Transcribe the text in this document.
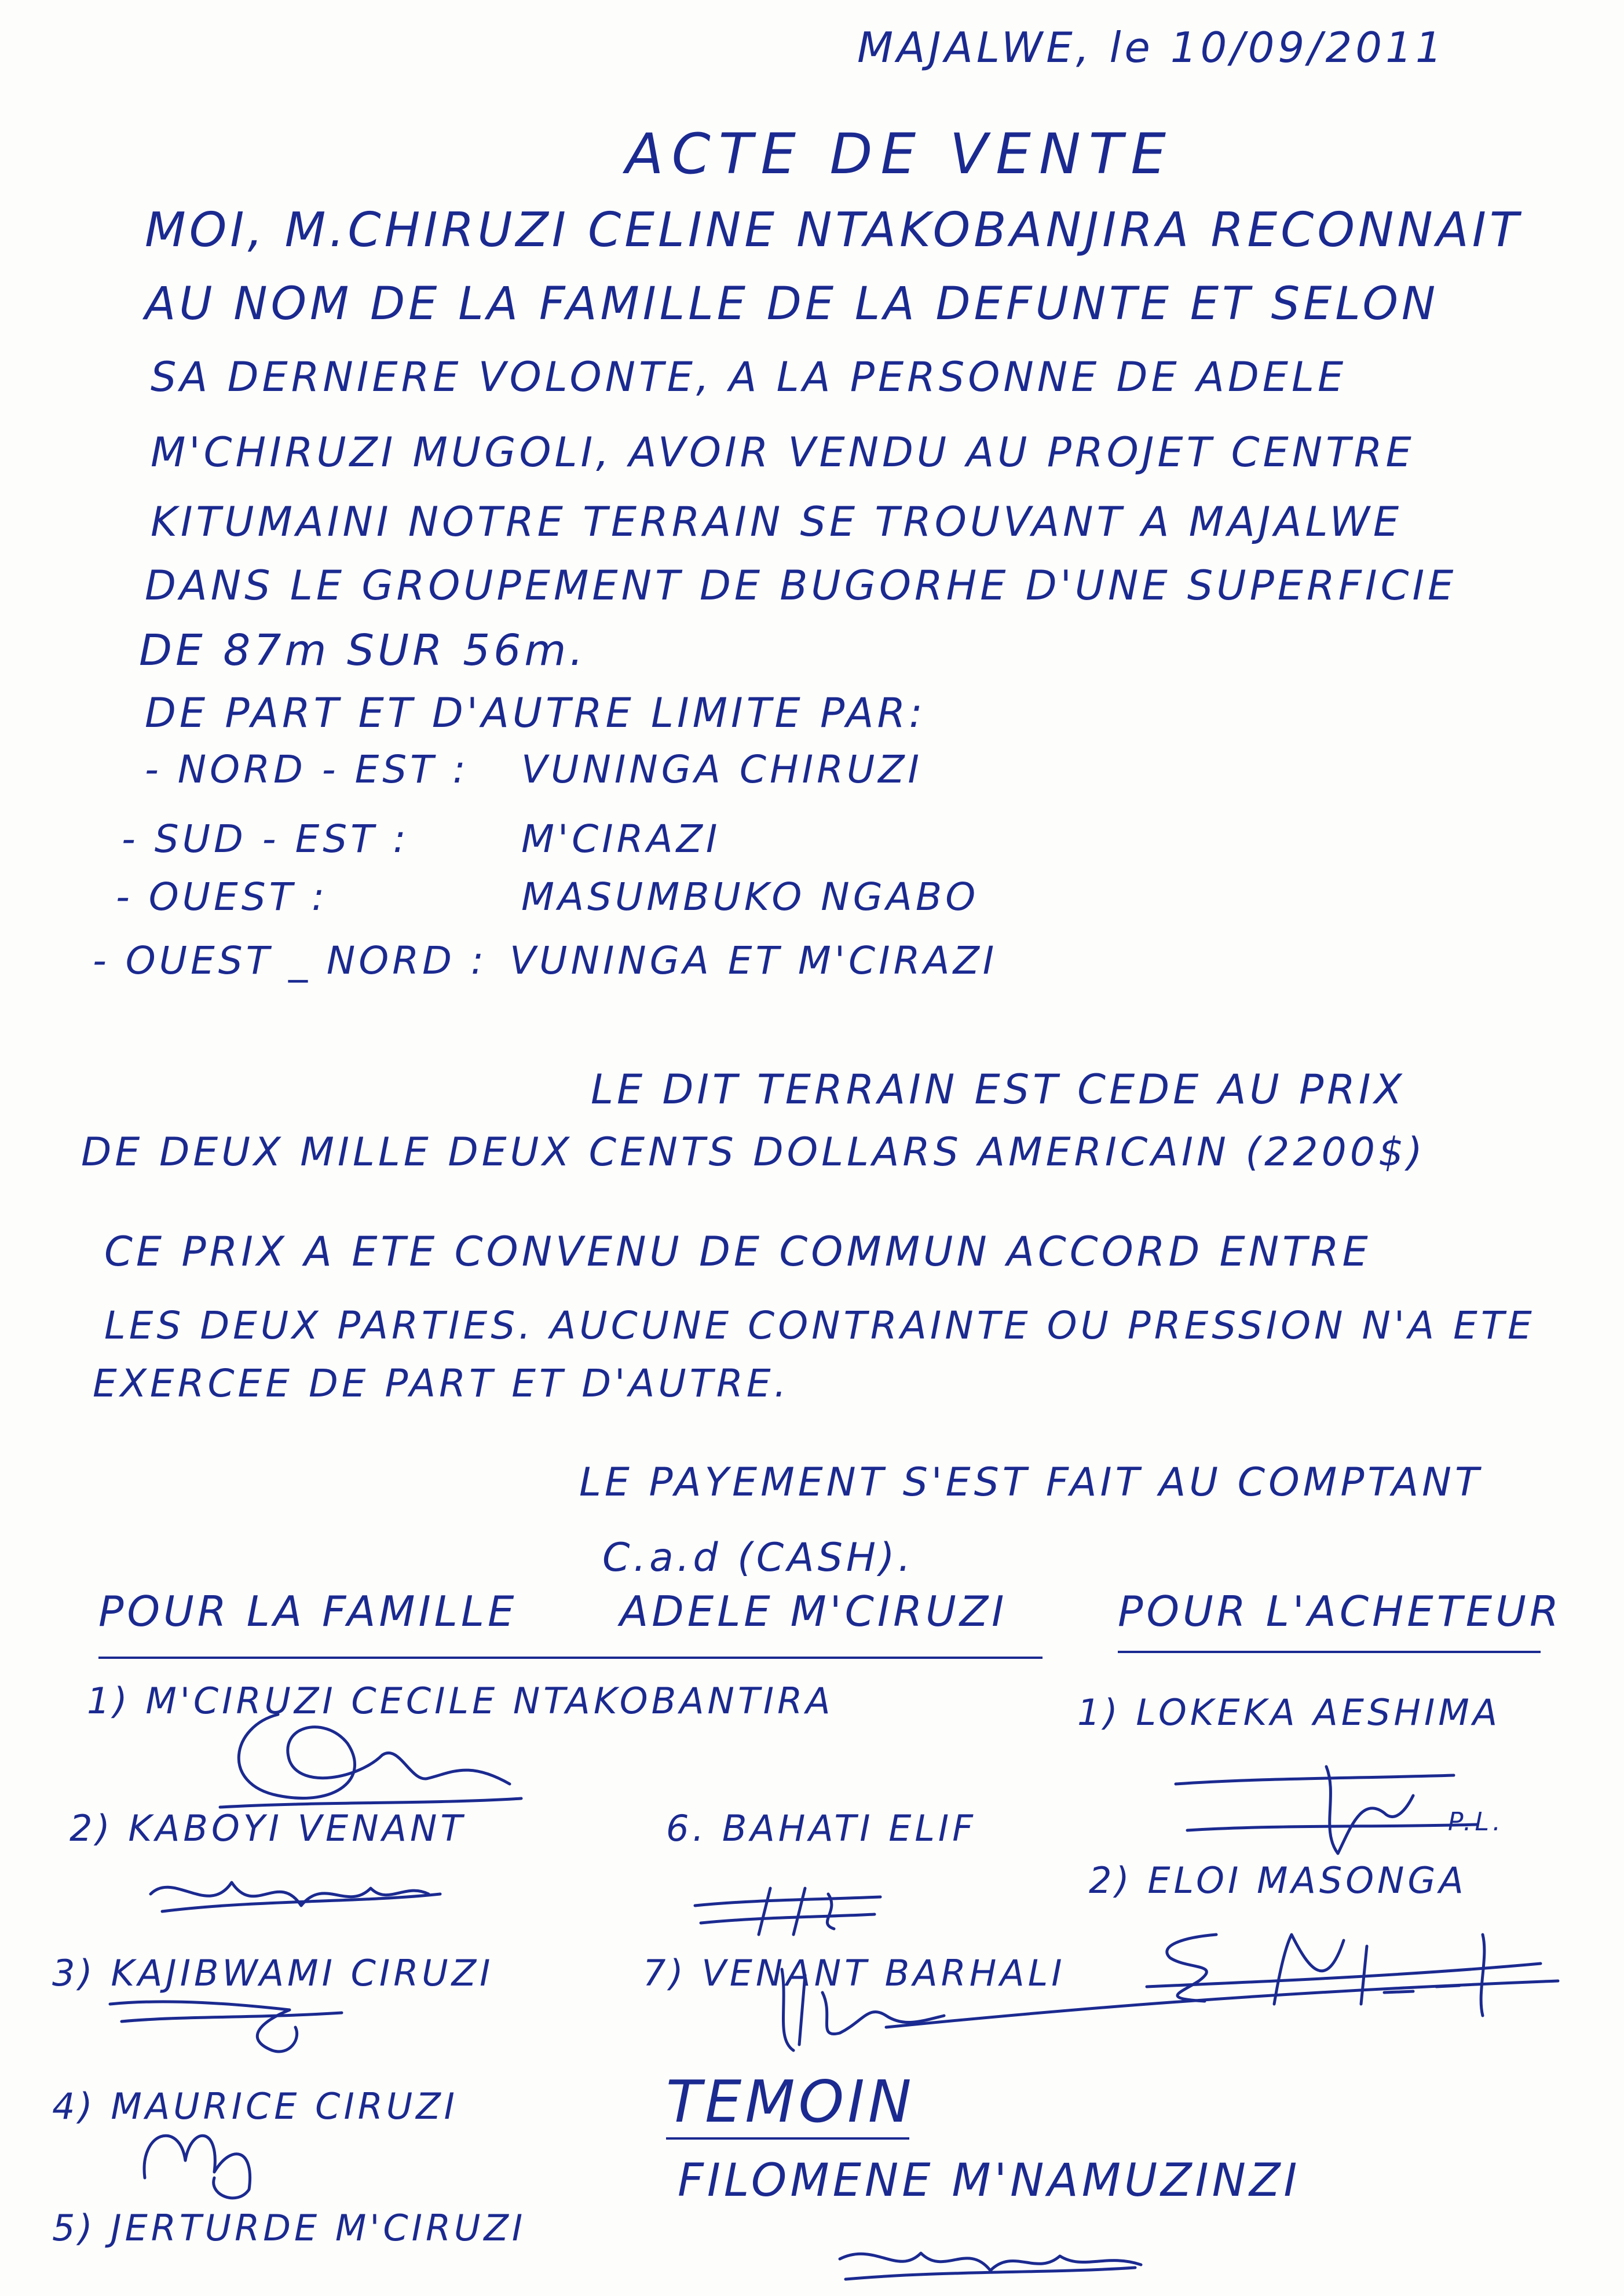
MAJALWE, le 10/09/2011
ACTE DE VENTE
MOI, M.CHIRUZI CELINE NTAKOBANJIRA RECONNAIT
AU NOM DE LA FAMILLE DE LA DEFUNTE ET SELON
SA DERNIERE VOLONTE, A LA PERSONNE DE ADELE
M'CHIRUZI MUGOLI, AVOIR VENDU AU PROJET CENTRE
KITUMAINI NOTRE TERRAIN SE TROUVANT A MAJALWE
DANS LE GROUPEMENT DE BUGORHE D'UNE SUPERFICIE
DE 87m SUR 56m.
DE PART ET D'AUTRE LIMITE PAR:
- NORD - EST : VUNINGA CHIRUZI
- SUD - EST :	M'CIRAZI
- OUEST :	MASUMBUKO NGABO
- OUEST _ NORD : VUNINGA ET M'CIRAZI
LE DIT TERRAIN EST CEDE AU PRIX
DE DEUX MILLE DEUX CENTS DOLLARS AMERICAIN (2200$)
CE PRIX A ETE CONVENU DE COMMUN ACCORD ENTRE
LES DEUX PARTIES. AUCUNE CONTRAINTE OU PRESSION N'A ETE
EXERCEE DE PART ET D'AUTRE.
LE PAYEMENT S'EST FAIT AU COMPTANT
C.a.d (CASH).
POUR LA FAMILLE ADELE M'CIRUZI	POUR L'ACHETEUR
1) M'CIRUZI CECILE NTAKOBANTIRA
2) KABOYI VENANT
3) KAJIBWAMI CIRUZI
4) MAURICE CIRUZI
5) JERTURDE M'CIRUZI
6. BAHATI ELIF
7) VENANT BARHALI
1) LOKEKA AESHIMA
2) ELOI MASONGA
P.L.
TEMOIN
FILOMENE M'NAMUZINZI
